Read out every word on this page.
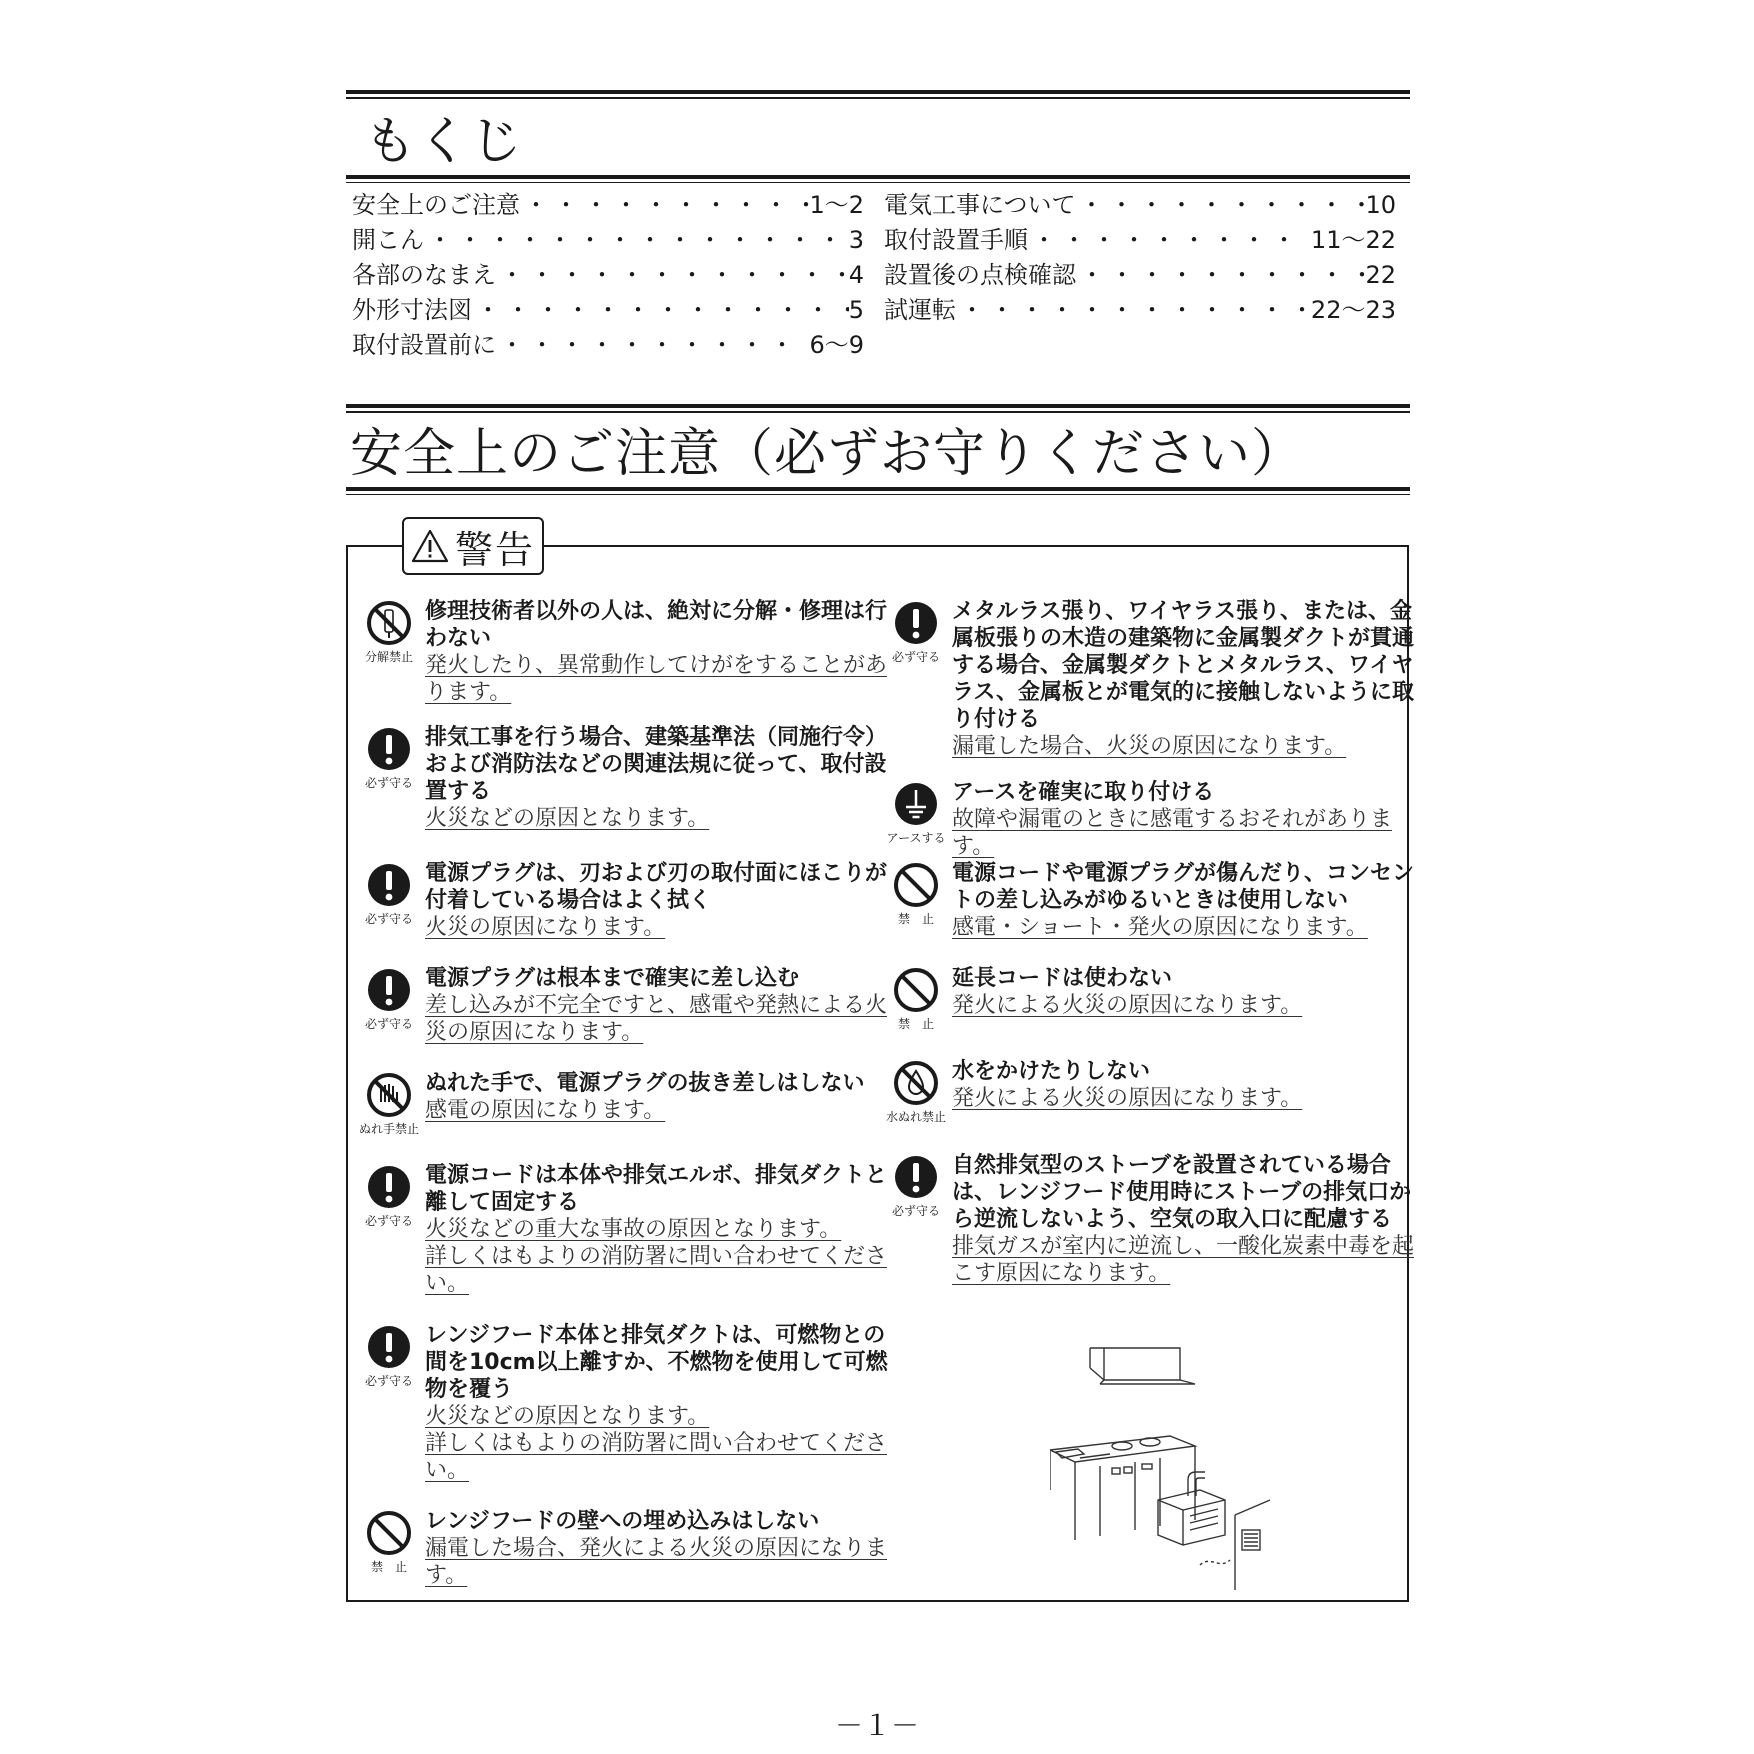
もくじ
安全上のご注意 ・・・・・・・・・・・・・・・・・・・・・・・・・・・・・・・・・・・	1〜2
開こん ・・・・・・・・・・・・・・・・・・・・・・・・・・・・・・・・・・・	3
各部のなまえ ・・・・・・・・・・・・・・・・・・・・・・・・・・・・・・・・・・・	4
外形寸法図 ・・・・・・・・・・・・・・・・・・・・・・・・・・・・・・・・・・・	5
取付設置前に ・・・・・・・・・・・・・・・・・・・・・・・・・・・・・・・・・・・	6〜9
電気工事について ・・・・・・・・・・・・・・・・・・・・・・・・・・・・・・・・・・・	10
取付設置手順 ・・・・・・・・・・・・・・・・・・・・・・・・・・・・・・・・・・・	11〜22
設置後の点検確認 ・・・・・・・・・・・・・・・・・・・・・・・・・・・・・・・・・・・	22
試運転 ・・・・・・・・・・・・・・・・・・・・・・・・・・・・・・・・・・・	22〜23
安全上のご注意（必ずお守りください）
警告
分解禁止
修理技術者以外の人は、絶対に分解・修理は行わない
発火したり、異常動作してけがをすることがあります。
必ず守る
排気工事を行う場合、建築基準法（同施行令）および消防法などの関連法規に従って、取付設置する
火災などの原因となります。
必ず守る
電源プラグは、刃および刃の取付面にほこりが付着している場合はよく拭く
火災の原因になります。
必ず守る
電源プラグは根本まで確実に差し込む
差し込みが不完全ですと、感電や発熱による火災の原因になります。
ぬれ手禁止
ぬれた手で、電源プラグの抜き差しはしない
感電の原因になります。
必ず守る
電源コードは本体や排気エルボ、排気ダクトと離して固定する
火災などの重大な事故の原因となります。
詳しくはもよりの消防署に問い合わせてください。
必ず守る
レンジフード本体と排気ダクトは、可燃物との間を10cm以上離すか、不燃物を使用して可燃物を覆う
火災などの原因となります。
詳しくはもよりの消防署に問い合わせてください。
禁　止
レンジフードの壁への埋め込みはしない
漏電した場合、発火による火災の原因になります。
必ず守る
メタルラス張り、ワイヤラス張り、または、金属板張りの木造の建築物に金属製ダクトが貫通する場合、金属製ダクトとメタルラス、ワイヤラス、金属板とが電気的に接触しないように取り付ける
漏電した場合、火災の原因になります。
アースする
アースを確実に取り付ける
故障や漏電のときに感電するおそれがあります。
禁　止
電源コードや電源プラグが傷んだり、コンセントの差し込みがゆるいときは使用しない
感電・ショート・発火の原因になります。
禁　止
延長コードは使わない
発火による火災の原因になります。
水ぬれ禁止
水をかけたりしない
発火による火災の原因になります。
必ず守る
自然排気型のストーブを設置されている場合は、レンジフード使用時にストーブの排気口から逆流しないよう、空気の取入口に配慮する
排気ガスが室内に逆流し、一酸化炭素中毒を起こす原因になります。
－１－
